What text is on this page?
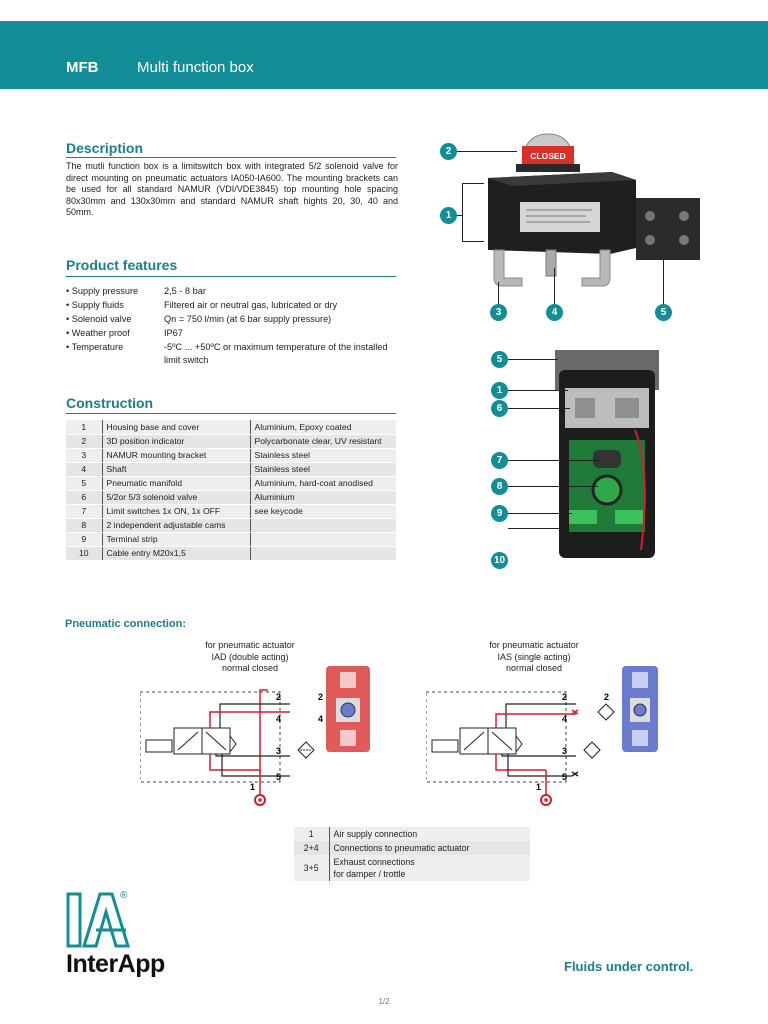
MFB	Multi function box
Description

The mutli function box is a limitswitch box with integrated 5/2 solenoid valve for direct mounting on pneumatic actuators IA050-IA600. The mounting brackets can be used for all standard NAMUR (VDI/VDE3845) top mounting hole spacing 80x30mm and 130x30mm and standard NAMUR shaft hights 20, 30, 40 and 50mm.

Product features
• Supply pressure	2,5 - 8 bar
• Supply fluids	Filtered air or neutral gas, lubricated or dry
• Solenoid valve	Qn = 750 l/min (at 6 bar supply pressure)
• Weather proof	IP67
• Temperature	-5ºC ... +50ºC or maximum temperature of the installed limit switch
Construction
1	Housing base and cover	Aluminium, Epoxy coated
2	3D position indicator	Polycarbonate clear, UV resistant
3	NAMUR mounting bracket	Stainless steel
4	Shaft	Stainless steel
5	Pneumatic manifold	Aluminium, hard-coat anodised
6	5/2or 5/3 solenoid valve	Aluminium
7	Limit switches 1x ON, 1x OFF	see keycode
8	2 independent adjustable cams	
9	Terminal strip	
10	Cable entry M20x1,5	
CLOSED
2
1
3	4	5
5
1
6
7
8
9
10
Pneumatic connection:
for pneumatic actuator
IAD (double acting)
normal closed
for pneumatic actuator
IAS (single acting)
normal closed
2
4
3
5
1
2
4
2
4
3
5
1
2
1	Air supply connection
2+4	Connections to pneumatic actuator
3+5	Exhaust connections
for damper / trottle
®
InterApp	Fluids under control.
1/2
